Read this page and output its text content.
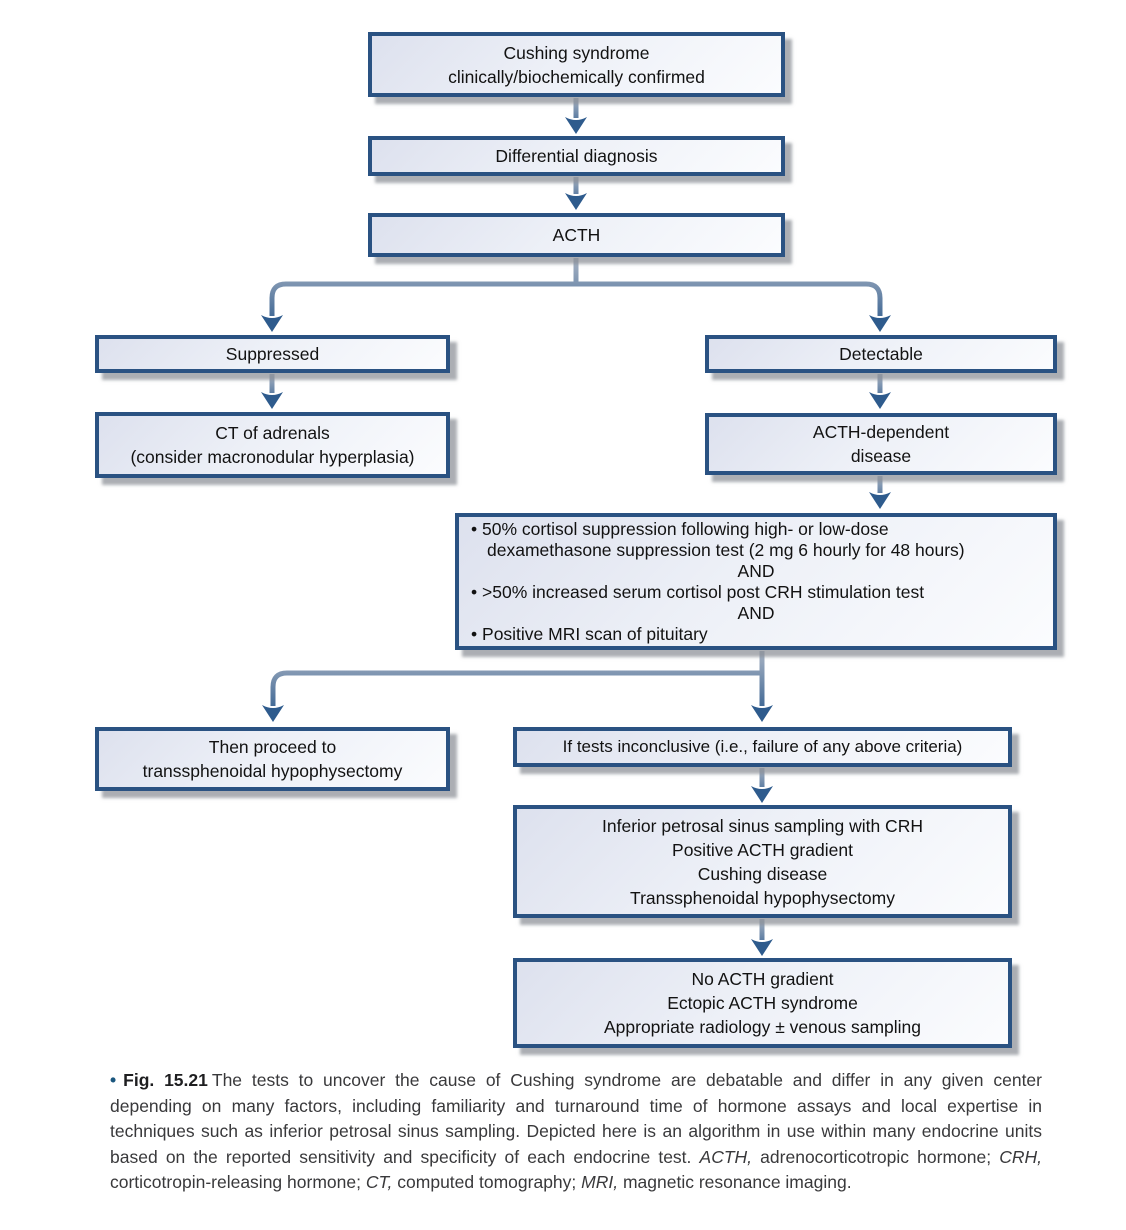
Cushing syndrome
clinically/biochemically confirmed
Differential diagnosis
ACTH
Suppressed	Detectable
CT of adrenals
(consider macronodular hyperplasia)
ACTH-dependent
disease
• 50% cortisol suppression following high- or low-dose
dexamethasone suppression test (2 mg 6 hourly for 48 hours)
AND
• >50% increased serum cortisol post CRH stimulation test
AND
• Positive MRI scan of pituitary
Then proceed to
transsphenoidal hypophysectomy
If tests inconclusive (i.e., failure of any above criteria)
Inferior petrosal sinus sampling with CRH
Positive ACTH gradient
Cushing disease
Transsphenoidal hypophysectomy
No ACTH gradient
Ectopic ACTH syndrome
Appropriate radiology ± venous sampling
• Fig. 15.21 The tests to uncover the cause of Cushing syndrome are debatable and differ in any given center depending on many factors, including familiarity and turnaround time of hormone assays and local expertise in techniques such as inferior petrosal sinus sampling. Depicted here is an algorithm in use within many endocrine units based on the reported sensitivity and specificity of each endocrine test. ACTH, adrenocorticotropic hormone; CRH, corticotropin-releasing hormone; CT, computed tomography; MRI, magnetic resonance imaging.
